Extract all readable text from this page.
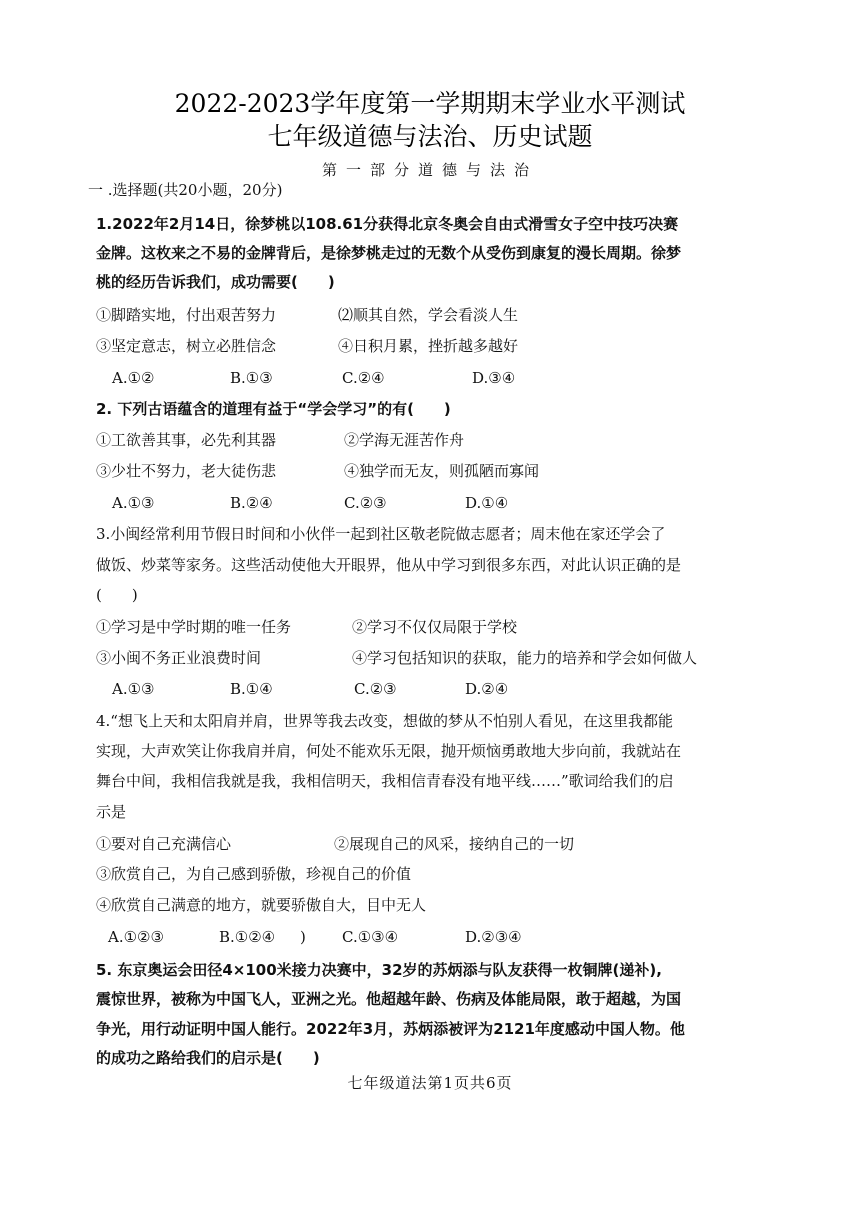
2022-2023学年度第一学期期末学业水平测试
七年级道德与法治、历史试题
第一部分道德与法治
一 .选择题(共20小题，20分)
1.2022年2月14日，徐梦桃以108.61分获得北京冬奥会自由式滑雪女子空中技巧决赛
金牌。这枚来之不易的金牌背后，是徐梦桃走过的无数个从受伤到康复的漫长周期。徐梦
桃的经历告诉我们，成功需要(　　)
①脚踏实地，付出艰苦努力	⑵顺其自然，学会看淡人生
③坚定意志，树立必胜信念	④日积月累，挫折越多越好
A.①②	B.①③	C.②④	D.③④
2. 下列古语蕴含的道理有益于“学会学习”的有(　　)
①工欲善其事，必先利其器	②学海无涯苦作舟
③少壮不努力，老大徒伤悲	④独学而无友，则孤陋而寡闻
A.①③	B.②④	C.②③	D.①④
3.小闽经常利用节假日时间和小伙伴一起到社区敬老院做志愿者；周末他在家还学会了
做饭、炒菜等家务。这些活动使他大开眼界，他从中学习到很多东西，对此认识正确的是
(　　)
①学习是中学时期的唯一任务	②学习不仅仅局限于学校
③小闽不务正业浪费时间	④学习包括知识的获取，能力的培养和学会如何做人
A.①③	B.①④	C.②③	D.②④
4.“想飞上天和太阳肩并肩，世界等我去改变，想做的梦从不怕别人看见，在这里我都能
实现，大声欢笑让你我肩并肩，何处不能欢乐无限，抛开烦恼勇敢地大步向前，我就站在
舞台中间，我相信我就是我，我相信明天，我相信青春没有地平线……”歌词给我们的启
示是
①要对自己充满信心	②展现自己的风采，接纳自己的一切
③欣赏自己，为自己感到骄傲，珍视自己的价值
④欣赏自己满意的地方，就要骄傲自大，目中无人
A.①②③	B.①②④ ) C.①③④	D.②③④
5. 东京奥运会田径4×100米接力决赛中，32岁的苏炳添与队友获得一枚铜牌(递补),
震惊世界，被称为中国飞人，亚洲之光。他超越年龄、伤病及体能局限，敢于超越，为国
争光，用行动证明中国人能行。2022年3月，苏炳添被评为2121年度感动中国人物。他
的成功之路给我们的启示是(　　)
七年级道法第1页共6页
